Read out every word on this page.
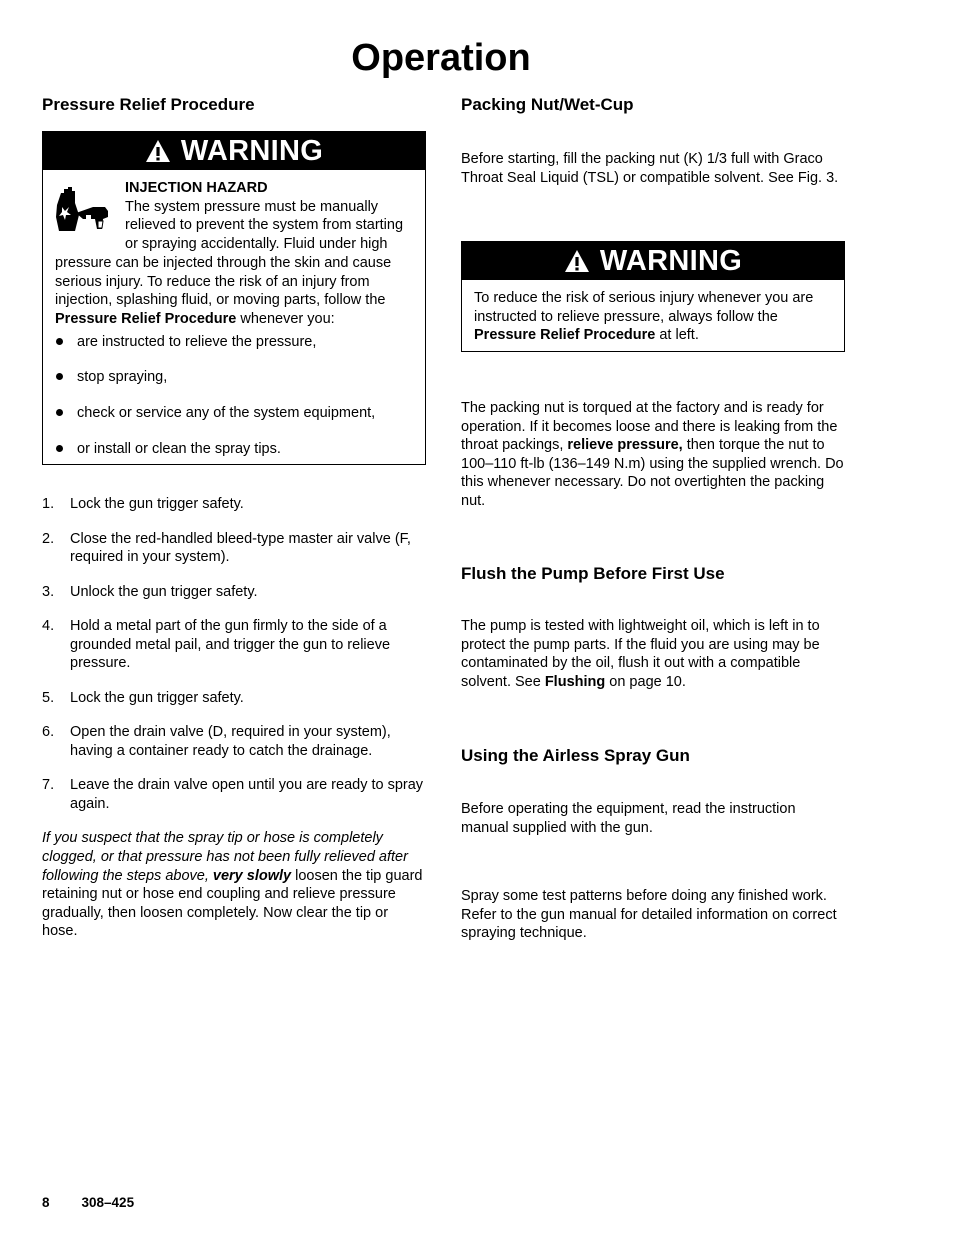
Operation
Pressure Relief Procedure
WARNING
INJECTION HAZARD
The system pressure must be manually relieved to prevent the system from starting or spraying accidentally. Fluid under high pressure can be injected through the skin and cause serious injury. To reduce the risk of an injury from injection, splashing fluid, or moving parts, follow the Pressure Relief Procedure whenever you:
are instructed to relieve the pressure,
stop spraying,
check or service any of the system equipment,
or install or clean the spray tips.
1. Lock the gun trigger safety.
2. Close the red-handled bleed-type master air valve (F, required in your system).
3. Unlock the gun trigger safety.
4. Hold a metal part of the gun firmly to the side of a grounded metal pail, and trigger the gun to relieve pressure.
5. Lock the gun trigger safety.
6. Open the drain valve (D, required in your system), having a container ready to catch the drainage.
7. Leave the drain valve open until you are ready to spray again.

If you suspect that the spray tip or hose is completely clogged, or that pressure has not been fully relieved after following the steps above, very slowly loosen the tip guard retaining nut or hose end coupling and relieve pressure gradually, then loosen completely. Now clear the tip or hose.

Packing Nut/Wet-Cup

Before starting, fill the packing nut (K) 1/3 full with Graco Throat Seal Liquid (TSL) or compatible solvent. See Fig. 3.

WARNING
To reduce the risk of serious injury whenever you are instructed to relieve pressure, always follow the Pressure Relief Procedure at left.

The packing nut is torqued at the factory and is ready for operation. If it becomes loose and there is leaking from the throat packings, relieve pressure, then torque the nut to 100–110 ft-lb (136–149 N.m) using the supplied wrench. Do this whenever necessary. Do not overtighten the packing nut.

Flush the Pump Before First Use

The pump is tested with lightweight oil, which is left in to protect the pump parts. If the fluid you are using may be contaminated by the oil, flush it out with a compatible solvent. See Flushing on page 10.

Using the Airless Spray Gun

Before operating the equipment, read the instruction manual supplied with the gun.

Spray some test patterns before doing any finished work. Refer to the gun manual for detailed information on correct spraying technique.

8 308–425
